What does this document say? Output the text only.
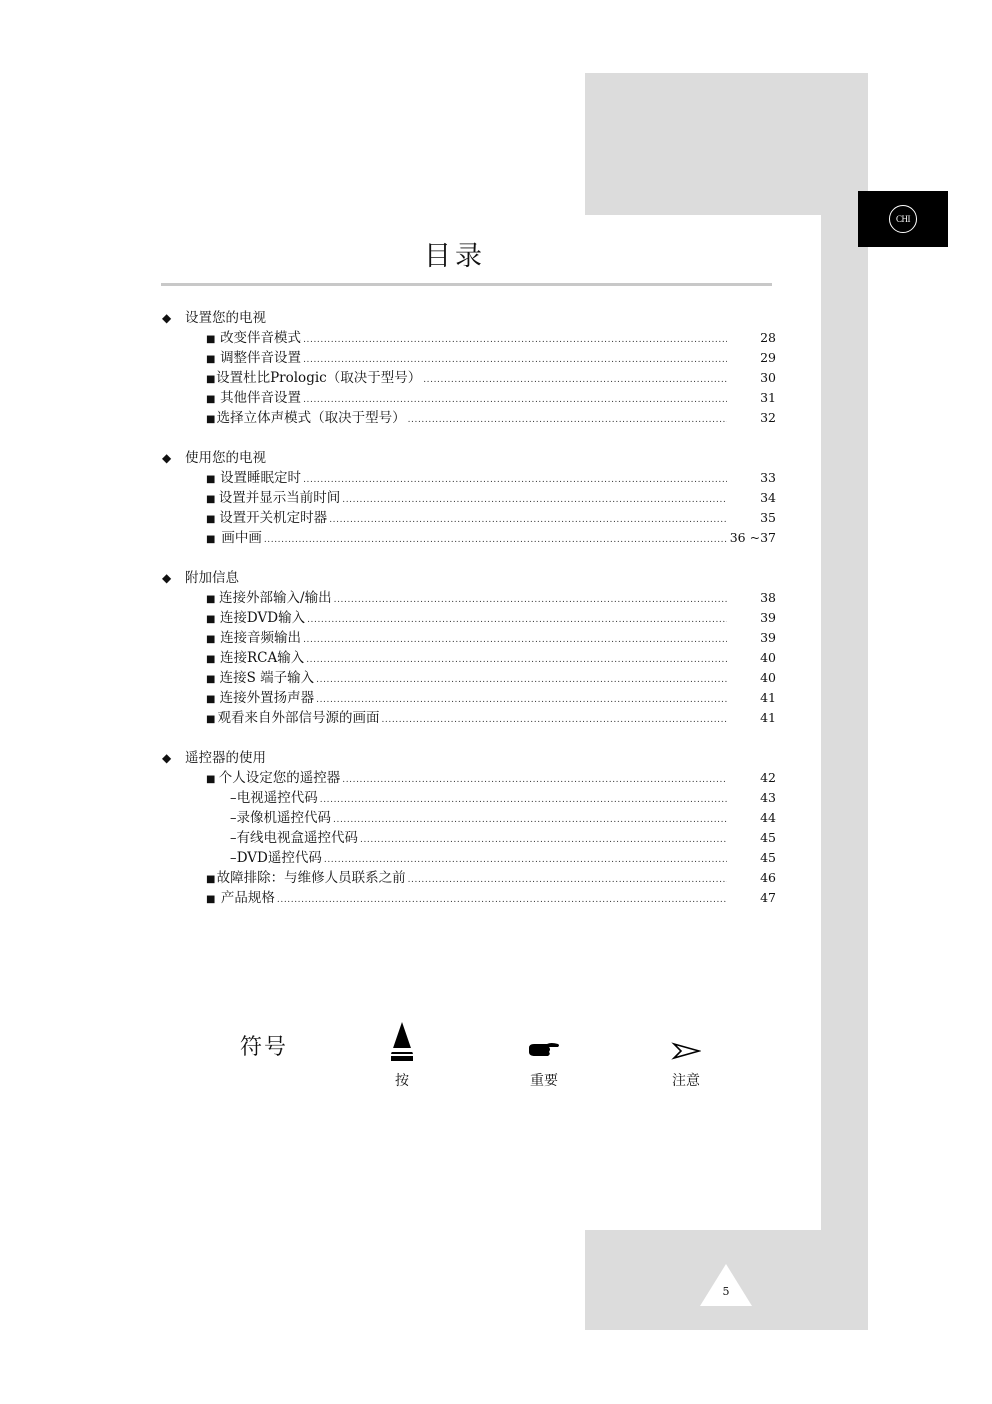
CHI
目录
◆ 设置您的电视
■ 改变伴音模式 .....	28
■ 调整伴音设置 .....	29
■ 设置杜比Prologic（取决于型号） .....	30
■ 其他伴音设置 .....	31
■ 选择立体声模式（取决于型号） .....	32
◆ 使用您的电视
■ 设置睡眠定时 .....	33
■ 设置并显示当前时间 .....	34
■ 设置开关机定时器 .....	35
■ 画中画 .....	36 ~37
◆ 附加信息
■ 连接外部输入/输出 .....	38
■ 连接DVD输入 .....	39
■ 连接音频输出 .....	39
■ 连接RCA输入 .....	40
■ 连接S 端子输入 .....	40
■ 连接外置扬声器 .....	41
■ 观看来自外部信号源的画面 .....	41
◆ 遥控器的使用
■ 个人设定您的遥控器 .....	42
– 电视遥控代码 .....	43
– 录像机遥控代码 .....	44
– 有线电视盒遥控代码 .....	45
– DVD遥控代码 .....	45
■ 故障排除：与维修人员联系之前 .....	46
■ 产品规格 .....	47
符号
按	重要	注意
5
